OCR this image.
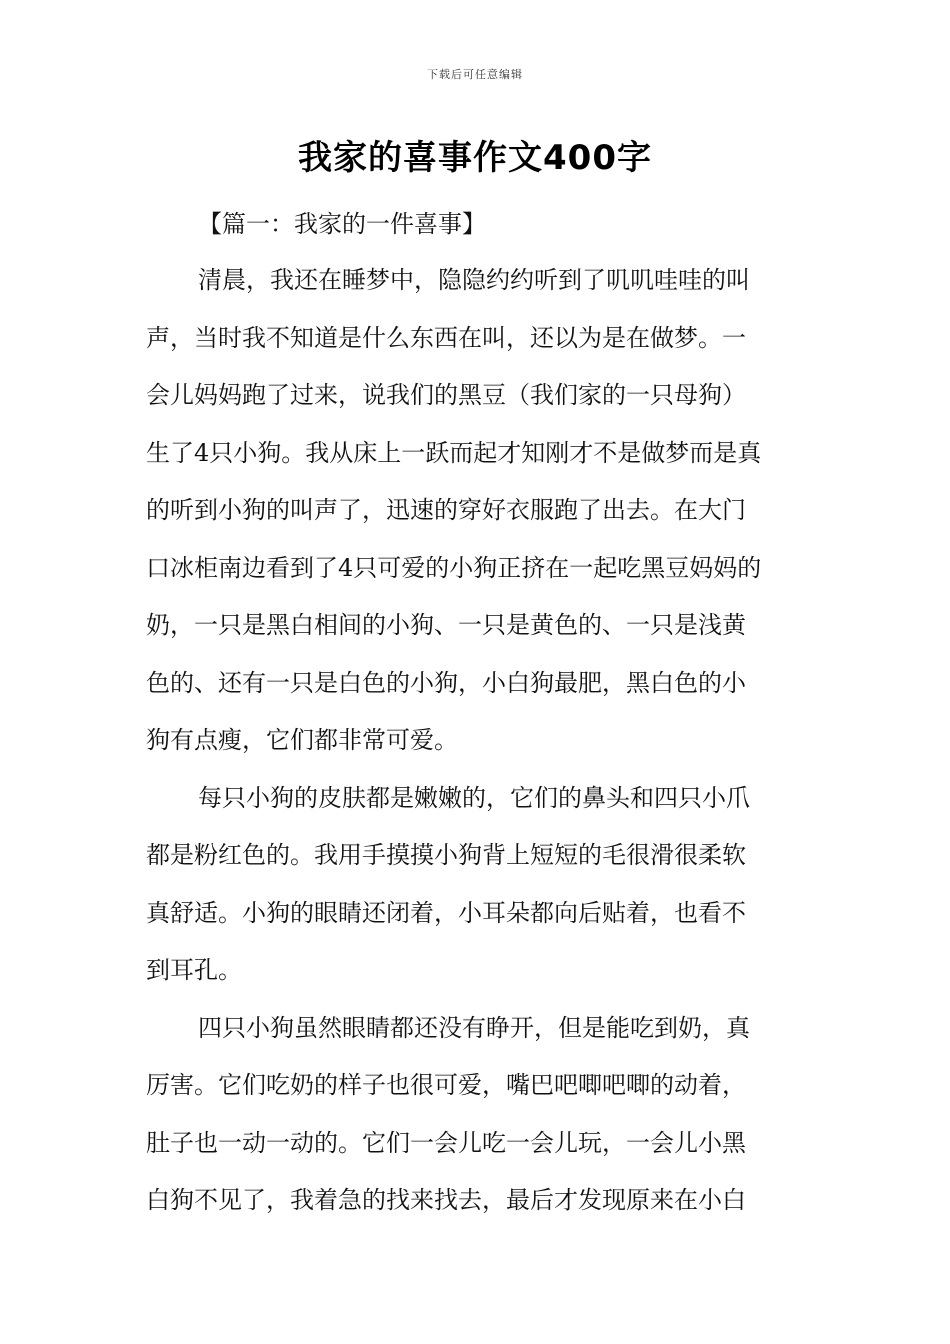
下载后可任意编辑
我家的喜事作文400字
【篇一：我家的一件喜事】
清晨，我还在睡梦中，隐隐约约听到了叽叽哇哇的叫
声，当时我不知道是什么东西在叫，还以为是在做梦。一
会儿妈妈跑了过来，说我们的黑豆（我们家的一只母狗）
生了4只小狗。我从床上一跃而起才知刚才不是做梦而是真
的听到小狗的叫声了，迅速的穿好衣服跑了出去。在大门
口冰柜南边看到了4只可爱的小狗正挤在一起吃黑豆妈妈的
奶，一只是黑白相间的小狗、一只是黄色的、一只是浅黄
色的、还有一只是白色的小狗，小白狗最肥，黑白色的小
狗有点瘦，它们都非常可爱。
每只小狗的皮肤都是嫩嫩的，它们的鼻头和四只小爪
都是粉红色的。我用手摸摸小狗背上短短的毛很滑很柔软
真舒适。小狗的眼睛还闭着，小耳朵都向后贴着，也看不
到耳孔。
四只小狗虽然眼睛都还没有睁开，但是能吃到奶，真
厉害。它们吃奶的样子也很可爱，嘴巴吧唧吧唧的动着，
肚子也一动一动的。它们一会儿吃一会儿玩，一会儿小黑
白狗不见了，我着急的找来找去，最后才发现原来在小白
